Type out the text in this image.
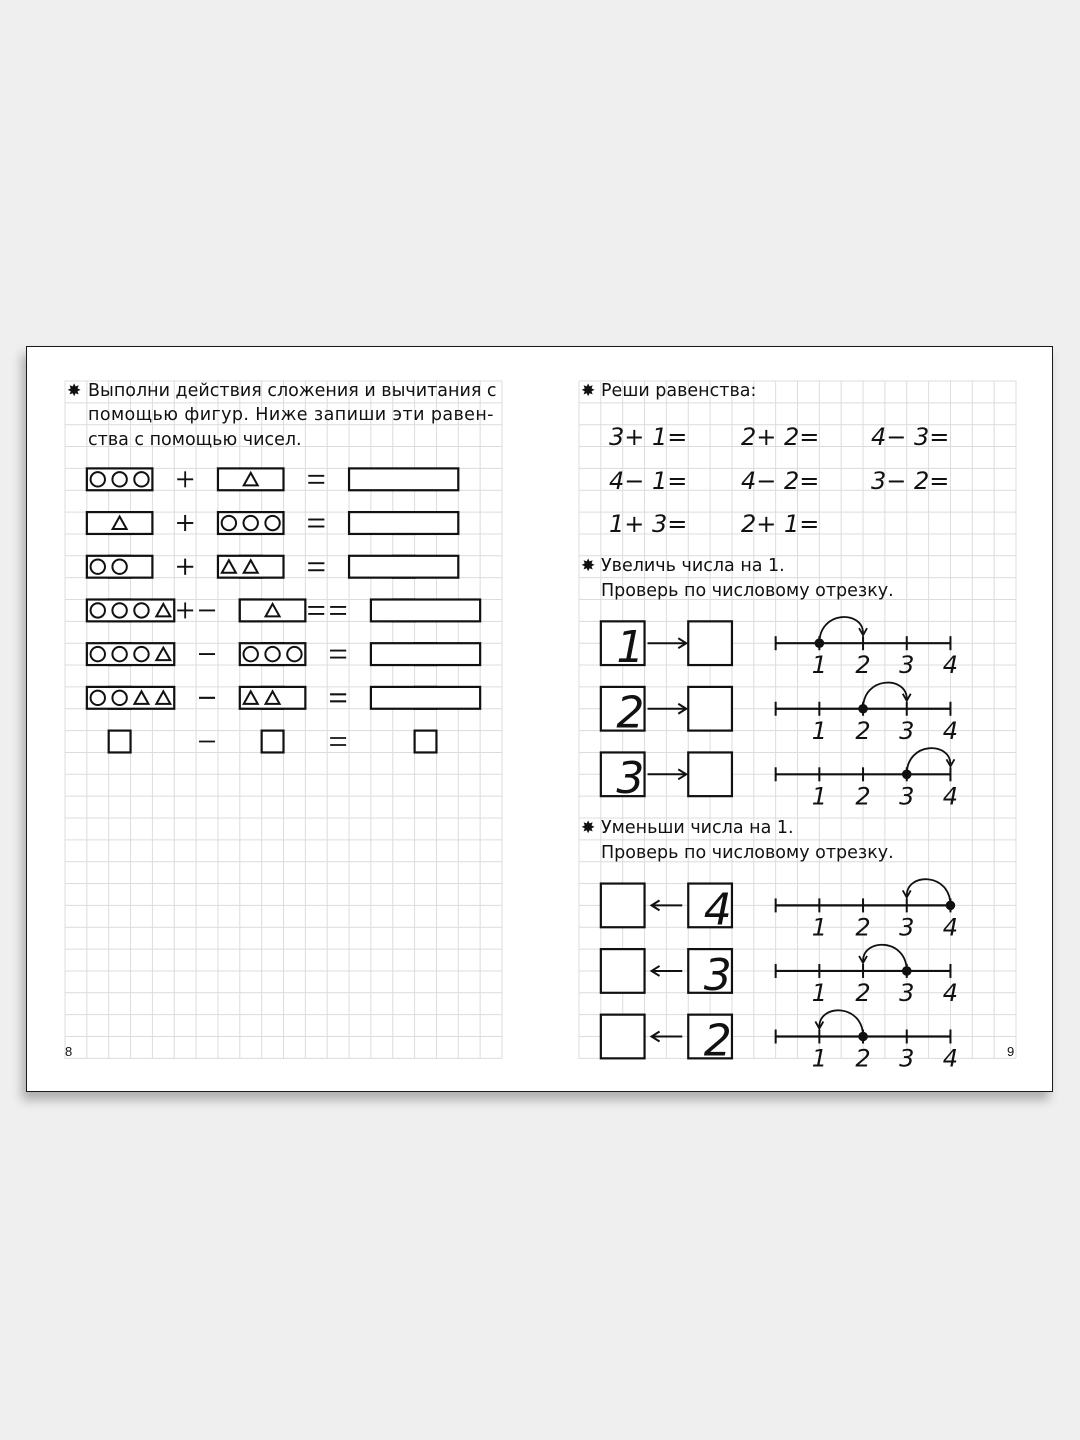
1	1 2 3 4
2	1 2 3 4
3	1 2 3 4
4	1 2 3 4
3	1 2 3 4
2	1 2 3 4
✸ Выполни действия сложения и вычитания с
помощью фигур. Ниже запиши эти равен-
ства с помощью чисел.
8
✸ Реши равенства:
3+ 1= 2+ 2= 4− 3=
4− 1= 4− 2= 3− 2=
1+ 3= 2+ 1=
✸ Увеличь числа на 1.
Проверь по числовому отрезку.
✸ Уменьши числа на 1.
Проверь по числовому отрезку.
9
